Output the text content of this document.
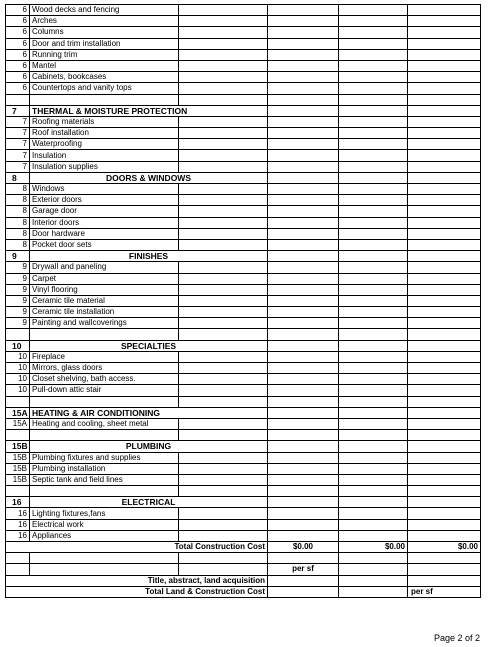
6	Wood decks and fencing				
6	Arches				
6	Columns				
6	Door and trim installation				
6	Running trim				
6	Mantel				
6	Cabinets, bookcases				
6	Countertops and vanity tops				

7	THERMAL & MOISTURE PROTECTION				
7	Roofing materials				
7	Roof installation				
7	Waterproofing				
7	Insulation				
7	Insulation supplies				
8	DOORS & WINDOWS				
8	Windows				
8	Exterior doors				
8	Garage door				
8	Interior doors				
8	Door hardware				
8	Pocket door sets				
9	FINISHES				
9	Drywall and paneling				
9	Carpet				
9	Vinyl flooring				
9	Ceramic tile material				
9	Ceramic tile installation				
9	Painting and wallcoverings				

10	SPECIALTIES				
10	Fireplace				
10	Mirrors, glass doors				
10	Closet shelving, bath access.				
10	Pull-down attic stair				

15A	HEATING & AIR CONDITIONING				
15A	Heating and cooling, sheet metal				

15B	PLUMBING				
15B	Plumbing fixtures and supplies				
15B	Plumbing installation				
15B	Septic tank and field lines				

16	ELECTRICAL				
16	Lighting fixtures,fans				
16	Electrical work				
16	Appliances				
Total Construction Cost			$0.00	$0.00	$0.00

			per sf		
Title, abstract, land acquisition					
Total Land & Construction Cost					per sf
Page 2 of 2
